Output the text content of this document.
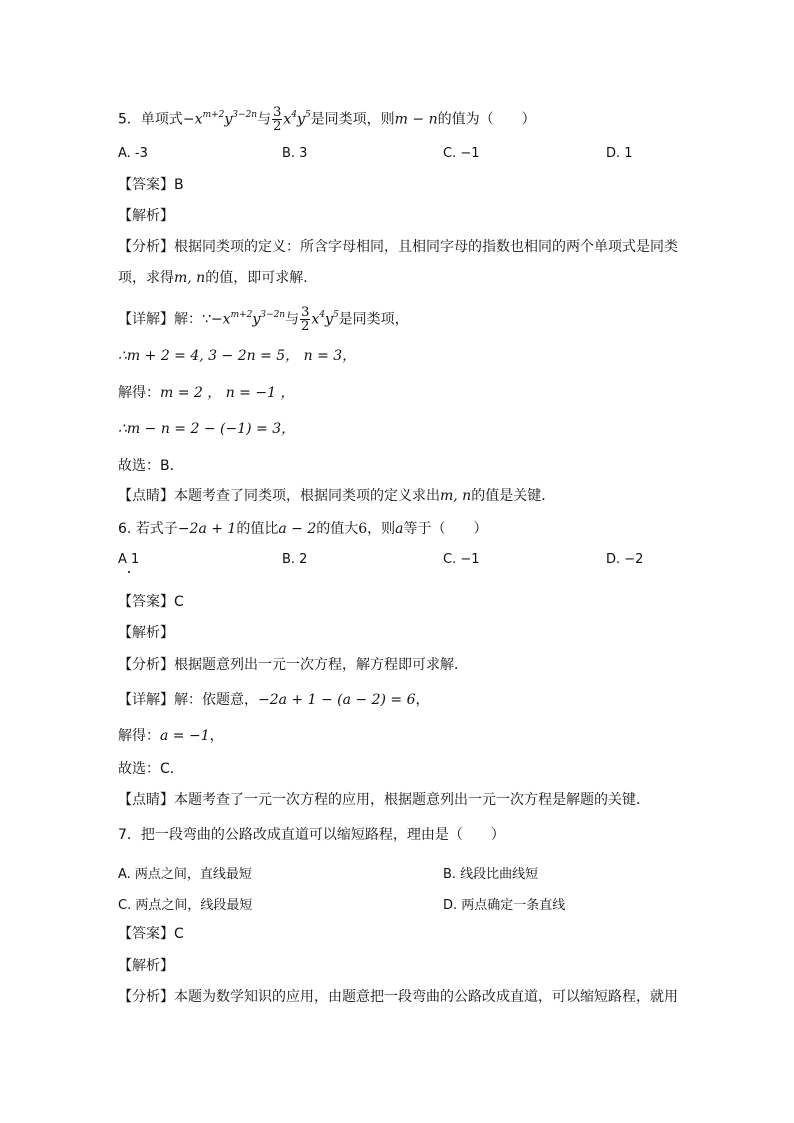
5．单项式$-x^{m+2}y^{3-2n}$与 $\frac{3}{2} x^4y^5$是同类项，则m − n的值为（　　）
A. -3	B. 3	C. −1	D. 1
【答案】B
【解析】
【分析】根据同类项的定义：所含字母相同，且相同字母的指数也相同的两个单项式是同类
项，求得m, n的值，即可求解．
【详解】解：$\because-x^{m+2}y^{3-2n}$与 $\frac{3}{2} x^4y^5$是同类项，
∴m + 2 = 4, 3 − 2n = 5， n = 3，
解得：m = 2 ， n = −1 ，
∴m − n = 2 − (−1) = 3，
故选：B．
【点睛】本题考查了同类项，根据同类项的定义求出m, n的值是关键．
6. 若式子−2a + 1的值比a − 2的值大6，则a等于（　　）
A 1	B. 2	C. −1	D. −2
【答案】C
【解析】
【分析】根据题意列出一元一次方程，解方程即可求解．
【详解】解：依题意，−2a + 1 − (a − 2) = 6，
解得：a = −1，
故选：C．
【点睛】本题考查了一元一次方程的应用，根据题意列出一元一次方程是解题的关键．
7．把一段弯曲的公路改成直道可以缩短路程，理由是（　　）
A. 两点之间，直线最短	B. 线段比曲线短
C. 两点之间，线段最短	D. 两点确定一条直线
【答案】C
【解析】
【分析】本题为数学知识的应用，由题意把一段弯曲的公路改成直道，可以缩短路程，就用
